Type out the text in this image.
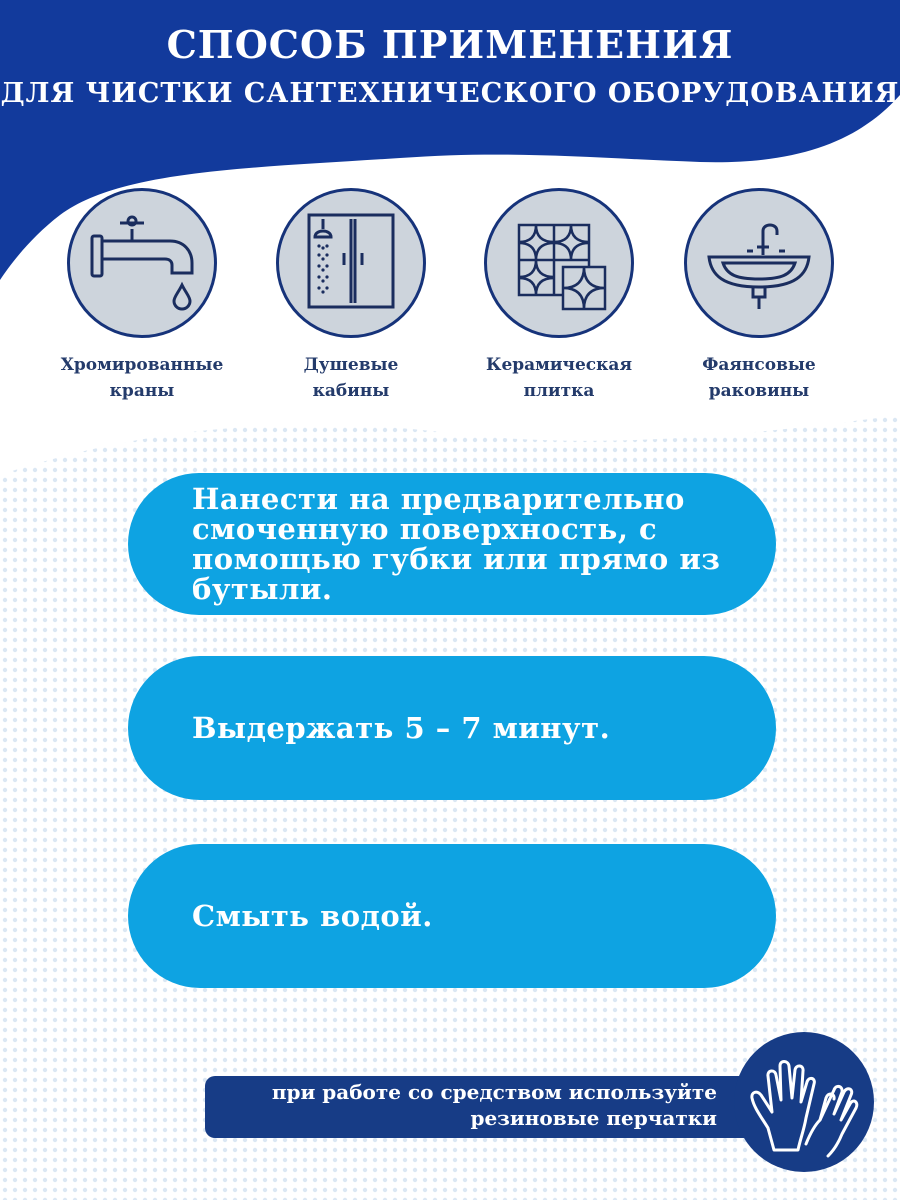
СПОСОБ ПРИМЕНЕНИЯ
ДЛЯ ЧИСТКИ САНТЕХНИЧЕСКОГО ОБОРУДОВАНИЯ
Хромированные
краны
Душевые
кабины
Керамическая
плитка
Фаянсовые
раковины
Нанести на предварительно смоченную поверхность, с помощью губки или прямо из бутыли.
Выдержать 5 – 7 минут.
Смыть водой.
при работе со средством используйте
резиновые перчатки
